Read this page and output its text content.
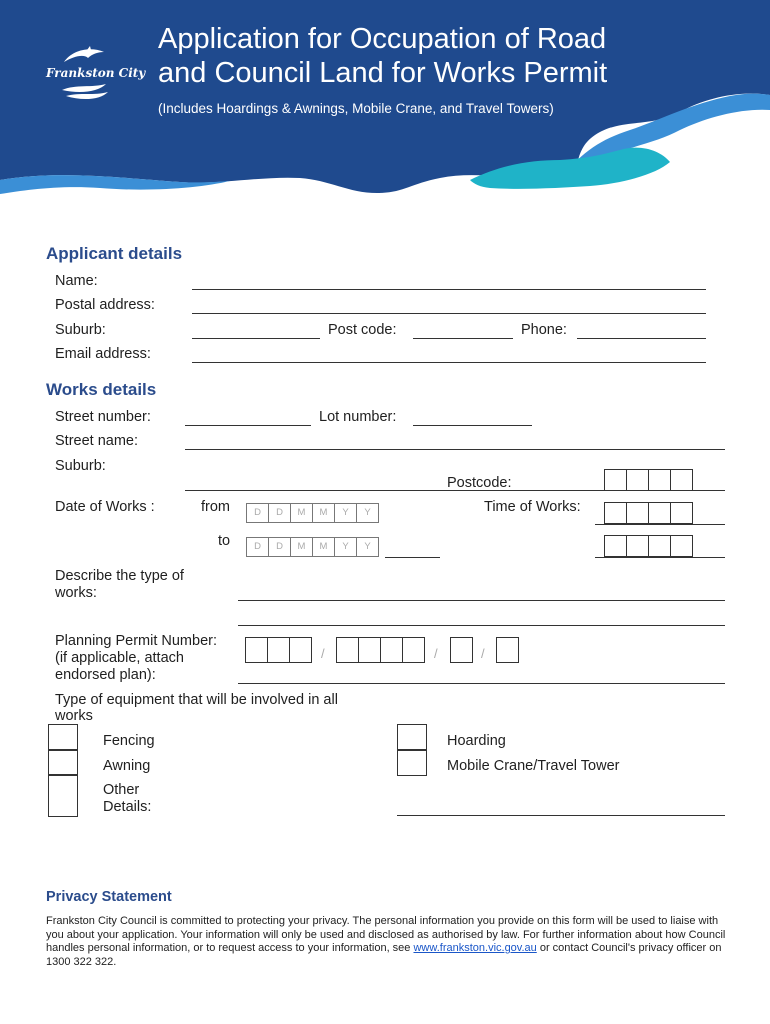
Frankston City
Application for Occupation of Road
and Council Land for Works Permit
(Includes Hoardings & Awnings, Mobile Crane, and Travel Towers)
Applicant details
Name:
Postal address:
Suburb:	Post code:	Phone:
Email address:
Works details
Street number:	Lot number:
Street name:
Suburb:
Postcode:
Date of Works :	from	D	D	M	M	Y	Y	Time of Works:
to	D	D	M	M	Y	Y
Describe the type of
works:
Planning Permit Number:
(if applicable, attach
endorsed plan):
/	/	/
Type of equipment that will be involved in all
works
Fencing
Awning
Other
Details:
Hoarding
Mobile Crane/Travel Tower
Privacy Statement
Frankston City Council is committed to protecting your privacy. The personal information you provide on this form will be used to liaise with you about your application. Your information will only be used and disclosed as authorised by law. For further information about how Council handles personal information, or to request access to your information, see www.frankston.vic.gov.au or contact Council's privacy officer on 1300 322 322.
